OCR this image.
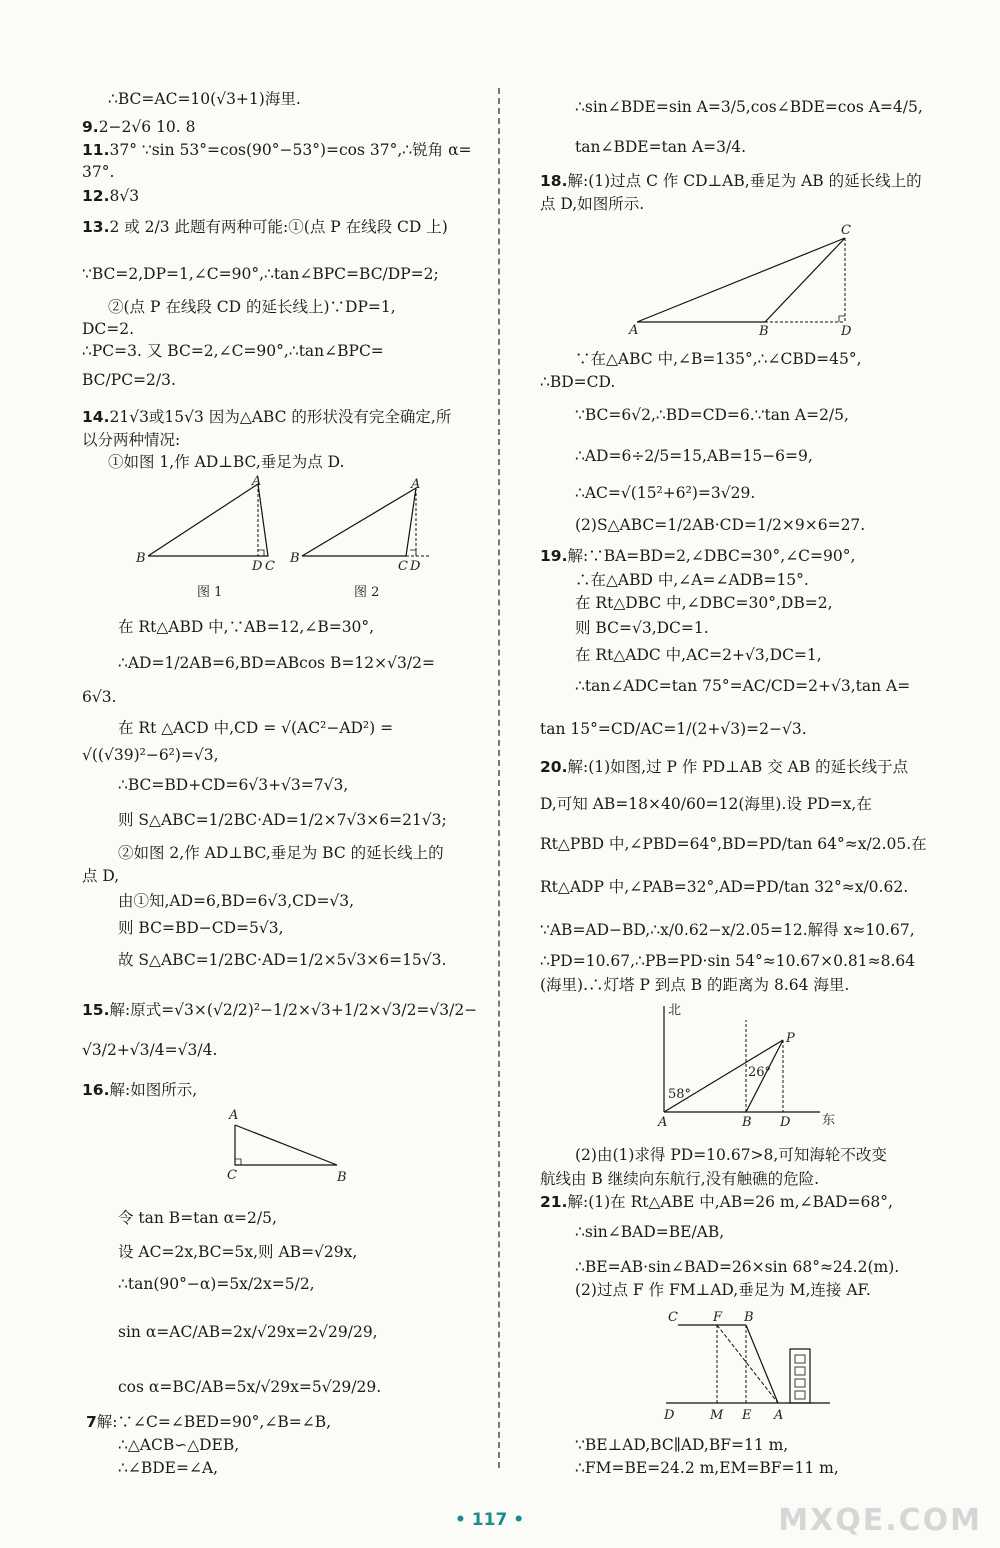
∴BC=AC=10(√3+1)海里.
9.2−2√6 10. 8
11.37° ∵sin 53°=cos(90°−53°)=cos 37°,∴锐角 α=
37°.
12.8√3
13.2 或 2/3 此题有两种可能:①(点 P 在线段 CD 上)
∵BC=2,DP=1,∠C=90°,∴tan∠BPC=BC/DP=2;
②(点 P 在线段 CD 的延长线上)∵DP=1,
DC=2.
∴PC=3. 又 BC=2,∠C=90°,∴tan∠BPC=
BC/PC=2/3.
14.21√3或15√3 因为△ABC 的形状没有完全确定,所
以分两种情况:
①如图 1,作 AD⊥BC,垂足为点 D.
A
B
D C
图 1
A
B
C D
图 2
在 Rt△ABD 中,∵AB=12,∠B=30°,
∴AD=1/2AB=6,BD=ABcos B=12×√3/2=
6√3.
在 Rt △ACD 中,CD = √(AC²−AD²) =
√((√39)²−6²)=√3,
∴BC=BD+CD=6√3+√3=7√3,
则 S△ABC=1/2BC·AD=1/2×7√3×6=21√3;
②如图 2,作 AD⊥BC,垂足为 BC 的延长线上的
点 D,
由①知,AD=6,BD=6√3,CD=√3,
则 BC=BD−CD=5√3,
故 S△ABC=1/2BC·AD=1/2×5√3×6=15√3.
15.解:原式=√3×(√2/2)²−1/2×√3+1/2×√3/2=√3/2−
√3/2+√3/4=√3/4.
16.解:如图所示,
A
C	B
令 tan B=tan α=2/5,
设 AC=2x,BC=5x,则 AB=√29x,
∴tan(90°−α)=5x/2x=5/2,
sin α=AC/AB=2x/√29x=2√29/29,
cos α=BC/AB=5x/√29x=5√29/29.
7解:∵∠C=∠BED=90°,∠B=∠B,
∴△ACB∽△DEB,
∴∠BDE=∠A,
∴sin∠BDE=sin A=3/5,cos∠BDE=cos A=4/5,
tan∠BDE=tan A=3/4.
18.解:(1)过点 C 作 CD⊥AB,垂足为 AB 的延长线上的
点 D,如图所示.
C
A	B	D
∵在△ABC 中,∠B=135°,∴∠CBD=45°,
∴BD=CD.
∵BC=6√2,∴BD=CD=6.∵tan A=2/5,
∴AD=6÷2/5=15,AB=15−6=9,
∴AC=√(15²+6²)=3√29.
(2)S△ABC=1/2AB·CD=1/2×9×6=27.
19.解:∵BA=BD=2,∠DBC=30°,∠C=90°,
∴在△ABD 中,∠A=∠ADB=15°.
在 Rt△DBC 中,∠DBC=30°,DB=2,
则 BC=√3,DC=1.
在 Rt△ADC 中,AC=2+√3,DC=1,
∴tan∠ADC=tan 75°=AC/CD=2+√3,tan A=
tan 15°=CD/AC=1/(2+√3)=2−√3.
20.解:(1)如图,过 P 作 PD⊥AB 交 AB 的延长线于点
D,可知 AB=18×40/60=12(海里).设 PD=x,在
Rt△PBD 中,∠PBD=64°,BD=PD/tan 64°≈x/2.05.在
Rt△ADP 中,∠PAB=32°,AD=PD/tan 32°≈x/0.62.
∵AB=AD−BD,∴x/0.62−x/2.05=12.解得 x≈10.67,
∴PD=10.67,∴PB=PD·sin 54°≈10.67×0.81≈8.64
(海里).∴灯塔 P 到点 B 的距离为 8.64 海里.
北
东
P
A	B D
58°
26°
(2)由(1)求得 PD=10.67>8,可知海轮不改变
航线由 B 继续向东航行,没有触礁的危险.
21.解:(1)在 Rt△ABE 中,AB=26 m,∠BAD=68°,
∴sin∠BAD=BE/AB,
∴BE=AB·sin∠BAD=26×sin 68°≈24.2(m).
(2)过点 F 作 FM⊥AD,垂足为 M,连接 AF.
C	F B
D	M E A
∵BE⊥AD,BC∥AD,BF=11 m,
∴FM=BE=24.2 m,EM=BF=11 m,
• 117 •	MXQE.COM
